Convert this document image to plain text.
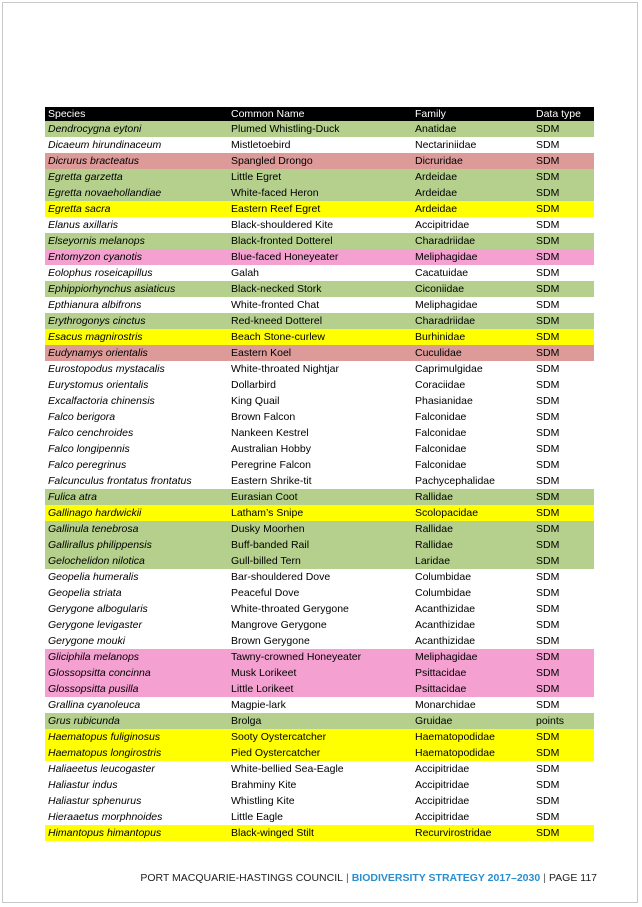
Species	Common Name	Family	Data type
Dendrocygna eytoni	Plumed Whistling-Duck	Anatidae	SDM
Dicaeum hirundinaceum	Mistletoebird	Nectariniidae	SDM
Dicrurus bracteatus	Spangled Drongo	Dicruridae	SDM
Egretta garzetta	Little Egret	Ardeidae	SDM
Egretta novaehollandiae	White-faced Heron	Ardeidae	SDM
Egretta sacra	Eastern Reef Egret	Ardeidae	SDM
Elanus axillaris	Black-shouldered Kite	Accipitridae	SDM
Elseyornis melanops	Black-fronted Dotterel	Charadriidae	SDM
Entomyzon cyanotis	Blue-faced Honeyeater	Meliphagidae	SDM
Eolophus roseicapillus	Galah	Cacatuidae	SDM
Ephippiorhynchus asiaticus	Black-necked Stork	Ciconiidae	SDM
Epthianura albifrons	White-fronted Chat	Meliphagidae	SDM
Erythrogonys cinctus	Red-kneed Dotterel	Charadriidae	SDM
Esacus magnirostris	Beach Stone-curlew	Burhinidae	SDM
Eudynamys orientalis	Eastern Koel	Cuculidae	SDM
Eurostopodus mystacalis	White-throated Nightjar	Caprimulgidae	SDM
Eurystomus orientalis	Dollarbird	Coraciidae	SDM
Excalfactoria chinensis	King Quail	Phasianidae	SDM
Falco berigora	Brown Falcon	Falconidae	SDM
Falco cenchroides	Nankeen Kestrel	Falconidae	SDM
Falco longipennis	Australian Hobby	Falconidae	SDM
Falco peregrinus	Peregrine Falcon	Falconidae	SDM
Falcunculus frontatus frontatus	Eastern Shrike-tit	Pachycephalidae	SDM
Fulica atra	Eurasian Coot	Rallidae	SDM
Gallinago hardwickii	Latham’s Snipe	Scolopacidae	SDM
Gallinula tenebrosa	Dusky Moorhen	Rallidae	SDM
Gallirallus philippensis	Buff-banded Rail	Rallidae	SDM
Gelochelidon nilotica	Gull-billed Tern	Laridae	SDM
Geopelia humeralis	Bar-shouldered Dove	Columbidae	SDM
Geopelia striata	Peaceful Dove	Columbidae	SDM
Gerygone albogularis	White-throated Gerygone	Acanthizidae	SDM
Gerygone levigaster	Mangrove Gerygone	Acanthizidae	SDM
Gerygone mouki	Brown Gerygone	Acanthizidae	SDM
Gliciphila melanops	Tawny-crowned Honeyeater	Meliphagidae	SDM
Glossopsitta concinna	Musk Lorikeet	Psittacidae	SDM
Glossopsitta pusilla	Little Lorikeet	Psittacidae	SDM
Grallina cyanoleuca	Magpie-lark	Monarchidae	SDM
Grus rubicunda	Brolga	Gruidae	points
Haematopus fuliginosus	Sooty Oystercatcher	Haematopodidae	SDM
Haematopus longirostris	Pied Oystercatcher	Haematopodidae	SDM
Haliaeetus leucogaster	White-bellied Sea-Eagle	Accipitridae	SDM
Haliastur indus	Brahminy Kite	Accipitridae	SDM
Haliastur sphenurus	Whistling Kite	Accipitridae	SDM
Hieraaetus morphnoides	Little Eagle	Accipitridae	SDM
Himantopus himantopus	Black-winged Stilt	Recurvirostridae	SDM
PORT MACQUARIE-HASTINGS COUNCIL | BIODIVERSITY STRATEGY 2017–2030 | PAGE 117
